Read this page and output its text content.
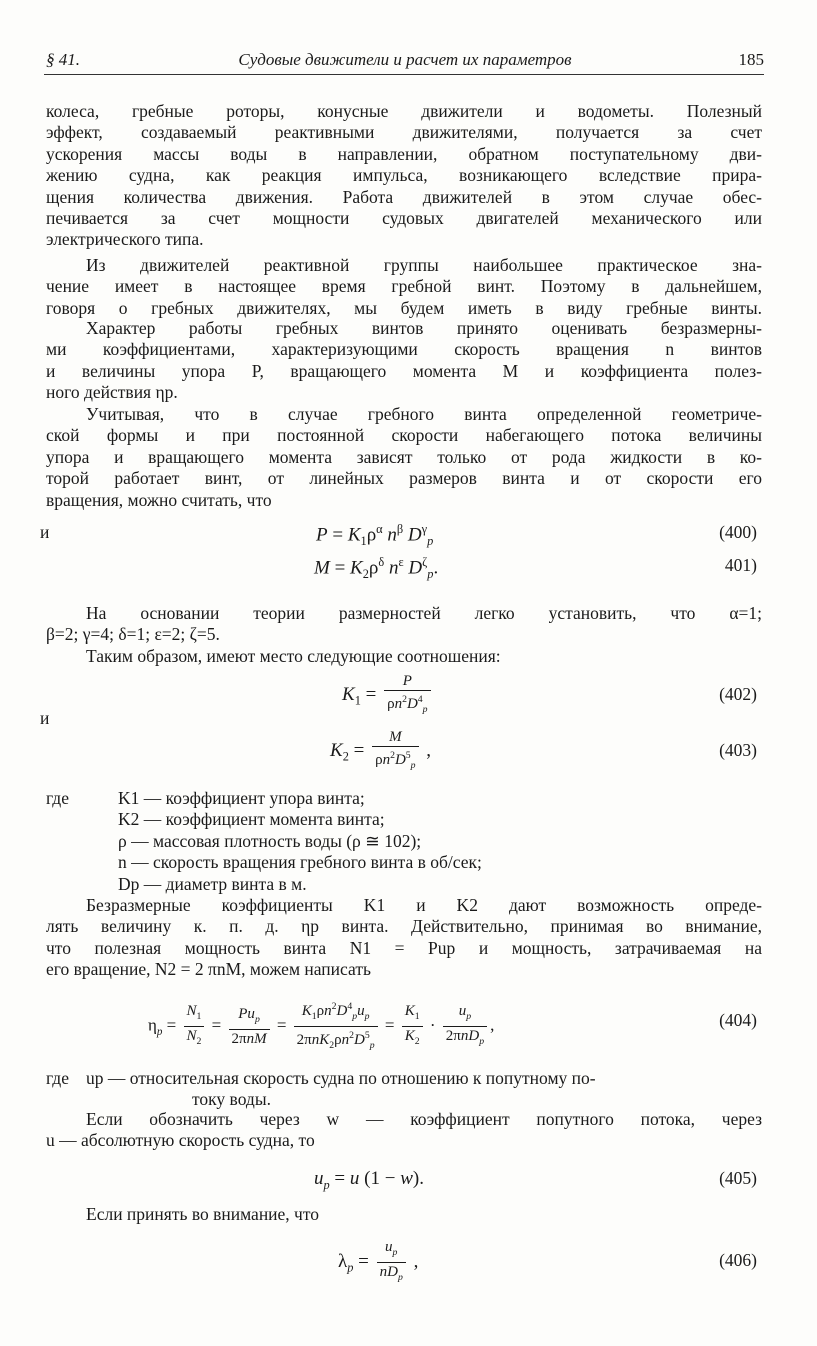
§ 41.	Судовые движители и расчет их параметров	185
колеса, гребные роторы, конусные движители и водометы. Полезный
эффект, создаваемый реактивными движителями, получается за счет
ускорения массы воды в направлении, обратном поступательному дви-
жению судна, как реакция импульса, возникающего вследствие прира-
щения количества движения. Работа движителей в этом случае обес-
печивается за счет мощности судовых двигателей механического или
электрического типа.
Из движителей реактивной группы наибольшее практическое зна-
чение имеет в настоящее время гребной винт. Поэтому в дальнейшем,
говоря о гребных движителях, мы будем иметь в виду гребные винты.
Характер работы гребных винтов принято оценивать безразмерны-
ми коэффициентами, характеризующими скорость вращения n винтов
и величины упора P, вращающего момента M и коэффициента полез-
ного действия ηp.
Учитывая, что в случае гребного винта определенной геометриче-
ской формы и при постоянной скорости набегающего потока величины
упора и вращающего момента зависят только от рода жидкости в ко-
торой работает винт, от линейных размеров винта и от скорости его
вращения, можно считать, что
и	$P = K_1\rho^\alpha$ $n^\beta$ $D^\gamma_p$	(400)
$M = K_2\rho^\delta$ $n^\varepsilon$ $D^\zeta_p$.	401)
На основании теории размерностей легко установить, что α=1;
β=2; γ=4; δ=1; ε=2; ζ=5.
Таким образом, имеют место следующие соотношения:
$K_1 = \frac{P}{\rho n^2D^4_p}$	(402)
и
$K_2 = \frac{M}{\rho n^2D^5_p}$ ,	(403)
где	K1 — коэффициент упора винта;
K2 — коэффициент момента винта;
ρ — массовая плотность воды (ρ ≅ 102);
n — скорость вращения гребного винта в об/сек;
Dp — диаметр винта в м.
Безразмерные коэффициенты K1 и K2 дают возможность опреде-
лять величину к. п. д. ηp винта. Действительно, принимая во внимание,
что полезная мощность винта N1 = Pup и мощность, затрачиваемая на
его вращение, N2 = 2 πnM, можем написать
$\eta_p = \frac{N_1}{N_2} = \frac{Pu_p}{\text{2πnM}} = \frac{K_1\rho n^2D^4_pu_p}{2\pi nK_2\rho n^2D^5_p} = \frac{K_1}{K_2} \cdot \frac{u_p}{2\pi nD_p}$ ,	(404)
где up — относительная скорость судна по отношению к попутному по-
току воды.
Если обозначить через w — коэффициент попутного потока, через
u — абсолютную скорость судна, то
$u_p = u$ (1 − w).	(405)
Если принять во внимание, что
$\lambda_p = \frac{u_p}{nD_p}$ ,	(406)
